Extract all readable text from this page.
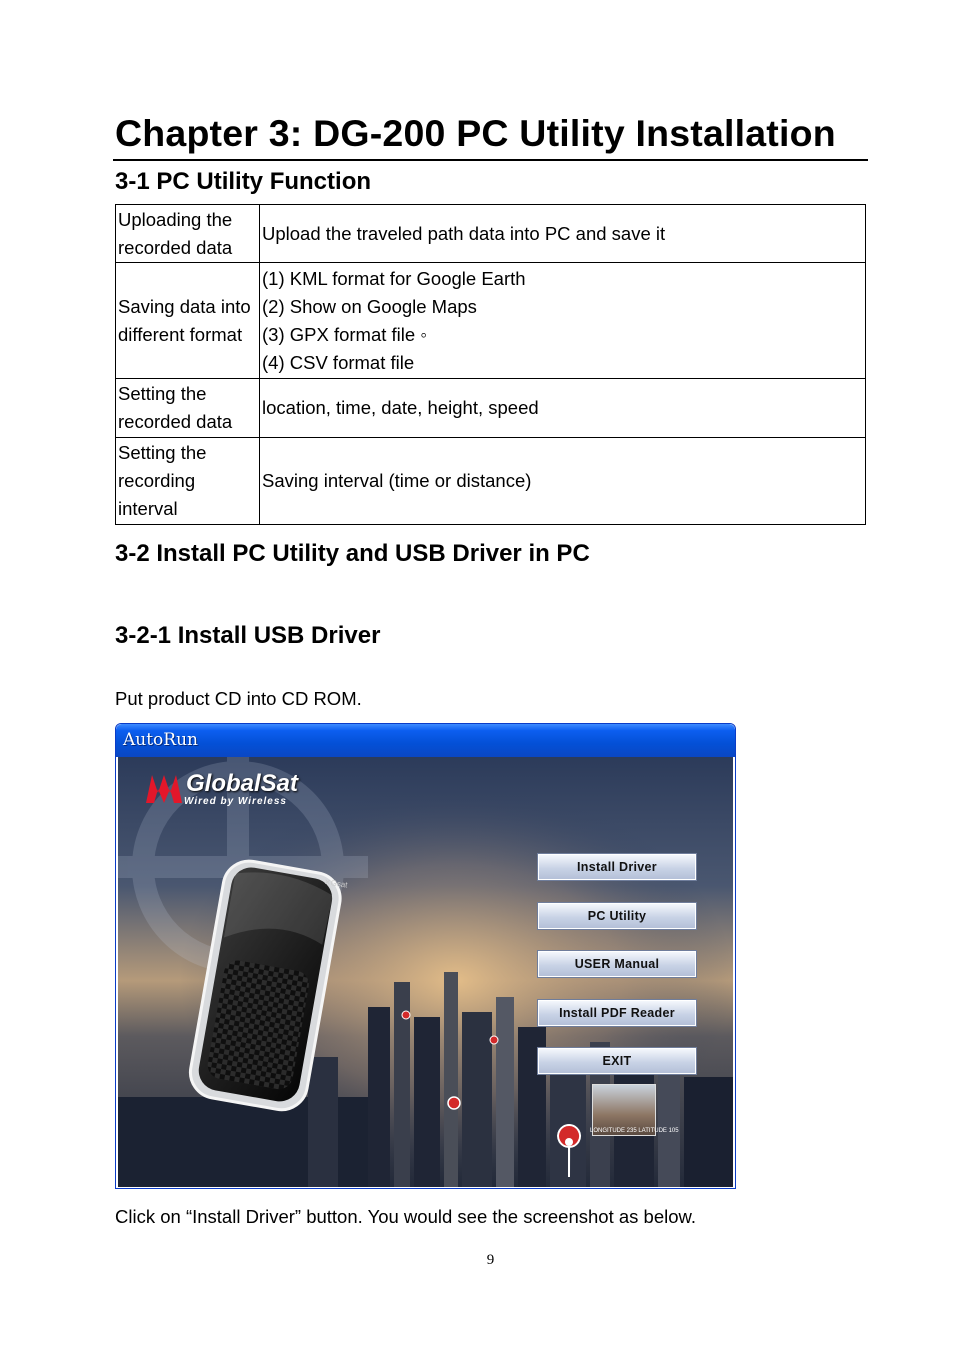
Chapter 3: DG-200 PC Utility Installation
3-1 PC Utility Function
Uploading the recorded data	Upload the traveled path data into PC and save it
Saving data into different format	(1) KML format for Google Earth
(2) Show on Google Maps
(3) GPX format file ◦
(4) CSV format file

Setting the recorded data	location, time, date, height, speed
Setting the recording interval	Saving interval (time or distance)
3-2 Install PC Utility and USB Driver in PC
3-2-1 Install USB Driver

Put product CD into CD ROM.

AutoRun
GlobalSat
Wired by Wireless
✕Gsat
Install Driver
PC Utility
USER Manual
Install PDF Reader
EXIT
LONGITUDE 235 LATITUDE 105

Click on “Install Driver” button. You would see the screenshot as below.

9
